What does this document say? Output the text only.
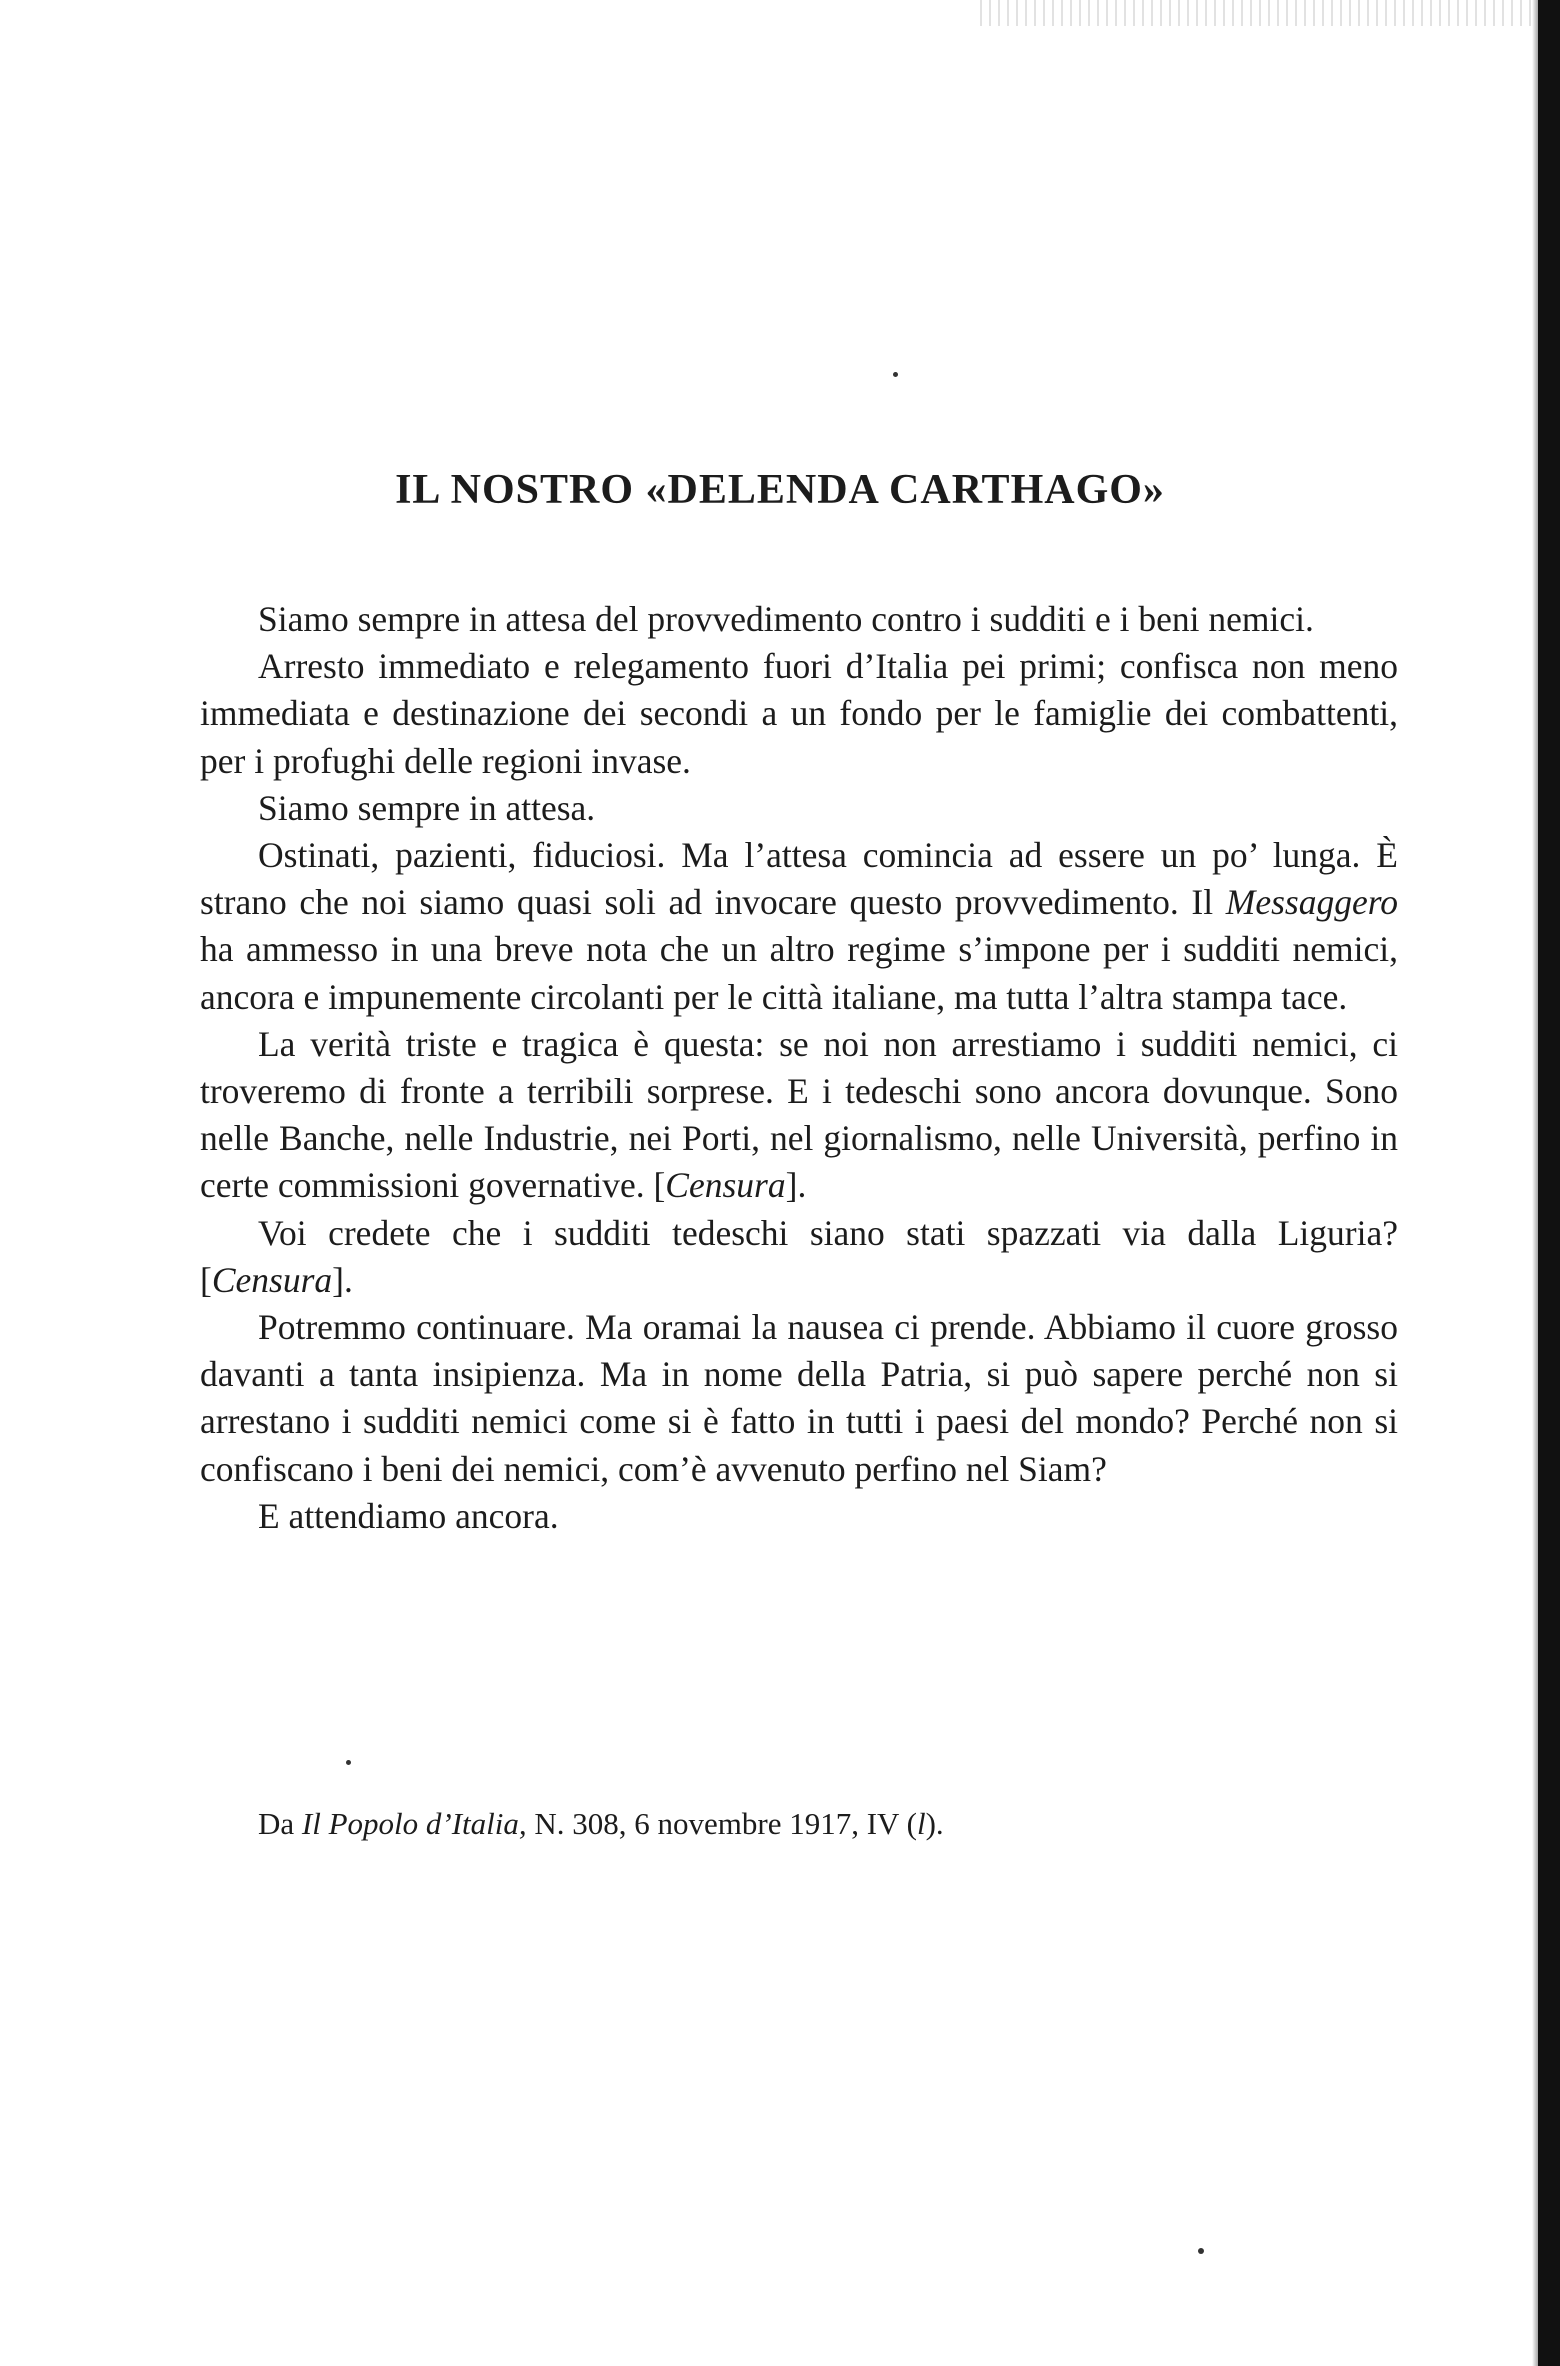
IL NOSTRO «DELENDA CARTHAGO»

Siamo sempre in attesa del provvedimento contro i sudditi e i beni nemici.

Arresto immediato e relegamento fuori d’Italia pei primi; confisca non meno immediata e destinazione dei secondi a un fondo per le famiglie dei combattenti, per i profughi delle regioni invase.

Siamo sempre in attesa.

Ostinati, pazienti, fiduciosi. Ma l’attesa comincia ad essere un po’ lunga. È strano che noi siamo quasi soli ad invocare questo provvedimento. Il Messaggero ha ammesso in una breve nota che un altro regime s’impone per i sudditi nemici, ancora e impunemente circolanti per le città italiane, ma tutta l’altra stampa tace.

La verità triste e tragica è questa: se noi non arrestiamo i sudditi nemici, ci troveremo di fronte a terribili sorprese. E i tedeschi sono ancora dovunque. Sono nelle Banche, nelle Industrie, nei Porti, nel giornalismo, nelle Università, perfino in certe commissioni governative. [Censura].

Voi credete che i sudditi tedeschi siano stati spazzati via dalla Liguria? [Censura].

Potremmo continuare. Ma oramai la nausea ci prende. Abbiamo il cuore grosso davanti a tanta insipienza. Ma in nome della Patria, si può sapere perché non si arrestano i sudditi nemici come si è fatto in tutti i paesi del mondo? Perché non si confiscano i beni dei nemici, com’è avvenuto perfino nel Siam?

E attendiamo ancora.

Da Il Popolo d’Italia, N. 308, 6 novembre 1917, IV (l).
